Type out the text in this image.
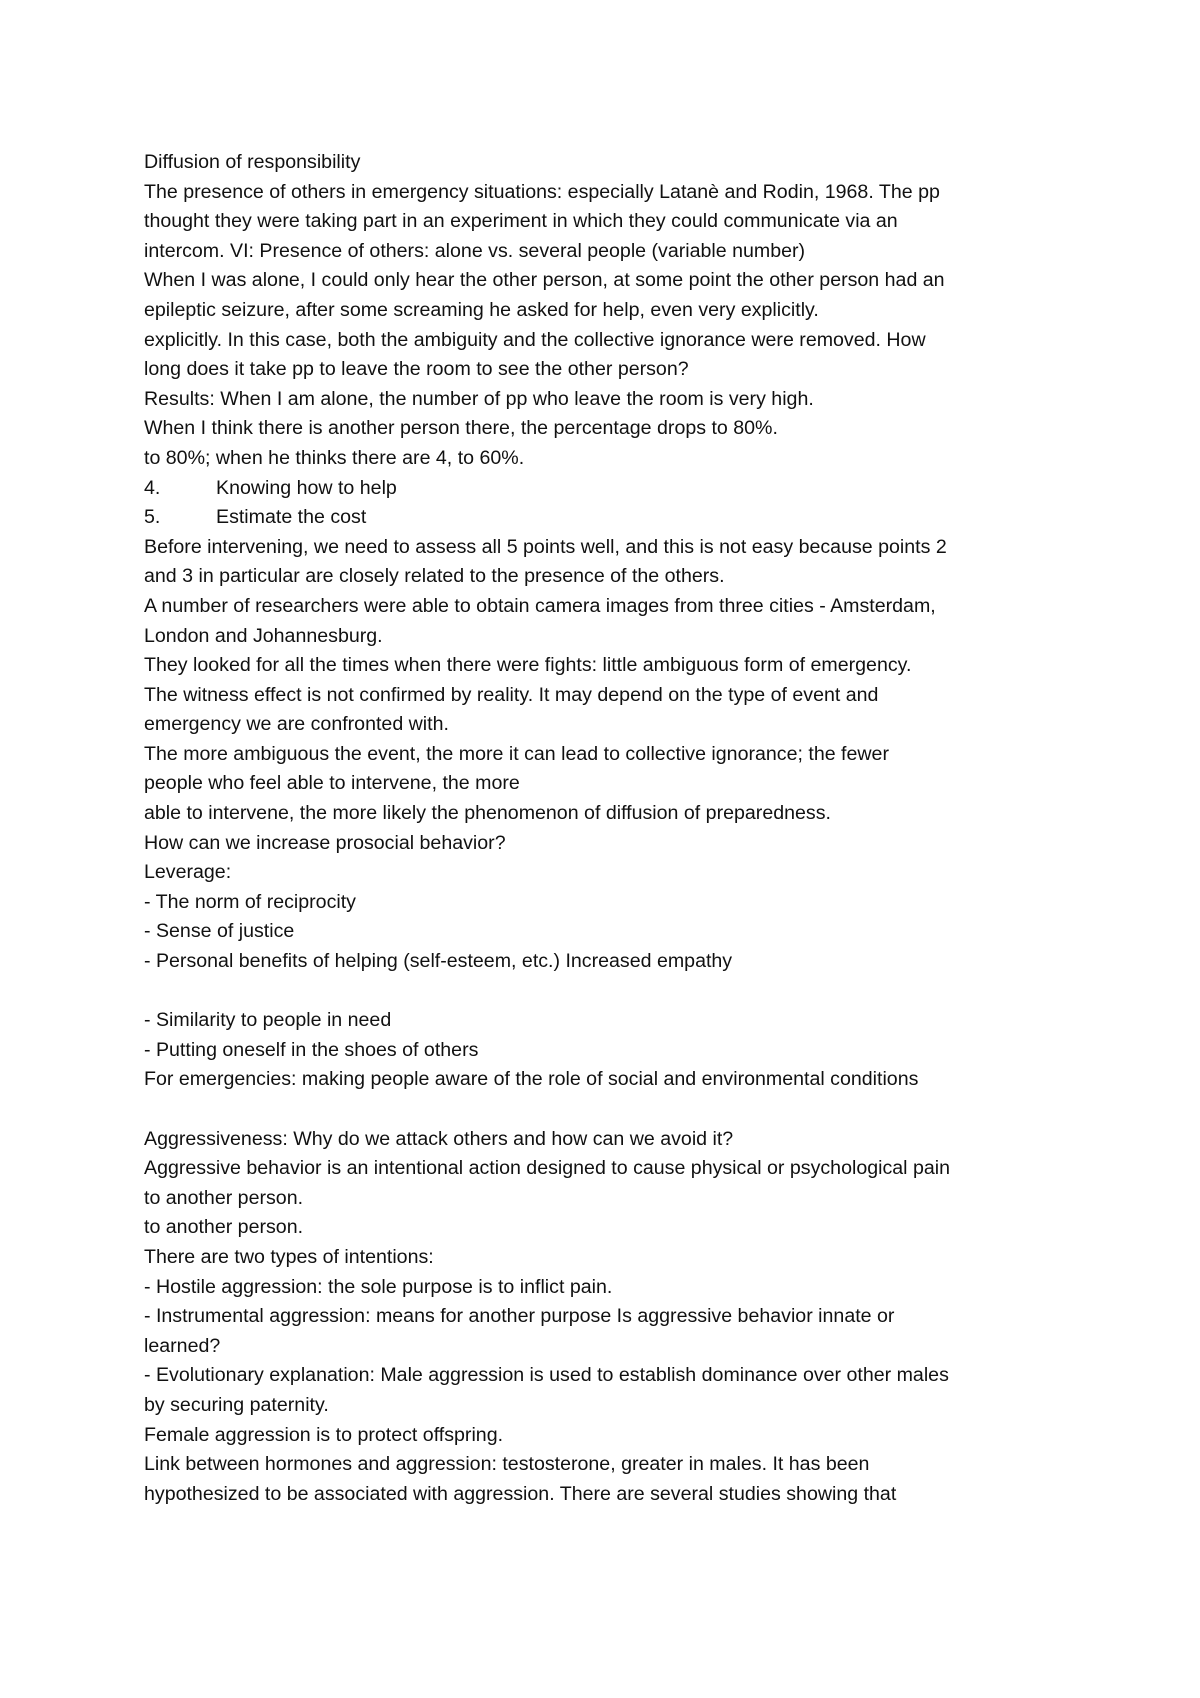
Diffusion of responsibility
The presence of others in emergency situations: especially Latanè and Rodin, 1968. The pp
thought they were taking part in an experiment in which they could communicate via an
intercom. VI: Presence of others: alone vs. several people (variable number)
When I was alone, I could only hear the other person, at some point the other person had an
epileptic seizure, after some screaming he asked for help, even very explicitly.
explicitly. In this case, both the ambiguity and the collective ignorance were removed. How
long does it take pp to leave the room to see the other person?
Results: When I am alone, the number of pp who leave the room is very high.
When I think there is another person there, the percentage drops to 80%.
to 80%; when he thinks there are 4, to 60%.
4.	Knowing how to help
5.	Estimate the cost
Before intervening, we need to assess all 5 points well, and this is not easy because points 2
and 3 in particular are closely related to the presence of the others.
A number of researchers were able to obtain camera images from three cities - Amsterdam,
London and Johannesburg.
They looked for all the times when there were fights: little ambiguous form of emergency.
The witness effect is not confirmed by reality. It may depend on the type of event and
emergency we are confronted with.
The more ambiguous the event, the more it can lead to collective ignorance; the fewer
people who feel able to intervene, the more
able to intervene, the more likely the phenomenon of diffusion of preparedness.
How can we increase prosocial behavior?
Leverage:
- The norm of reciprocity
- Sense of justice
- Personal benefits of helping (self-esteem, etc.) Increased empathy
- Similarity to people in need
- Putting oneself in the shoes of others
For emergencies: making people aware of the role of social and environmental conditions
Aggressiveness: Why do we attack others and how can we avoid it?
Aggressive behavior is an intentional action designed to cause physical or psychological pain
to another person.
to another person.
There are two types of intentions:
- Hostile aggression: the sole purpose is to inflict pain.
- Instrumental aggression: means for another purpose Is aggressive behavior innate or
learned?
- Evolutionary explanation: Male aggression is used to establish dominance over other males
by securing paternity.
Female aggression is to protect offspring.
Link between hormones and aggression: testosterone, greater in males. It has been
hypothesized to be associated with aggression. There are several studies showing that
